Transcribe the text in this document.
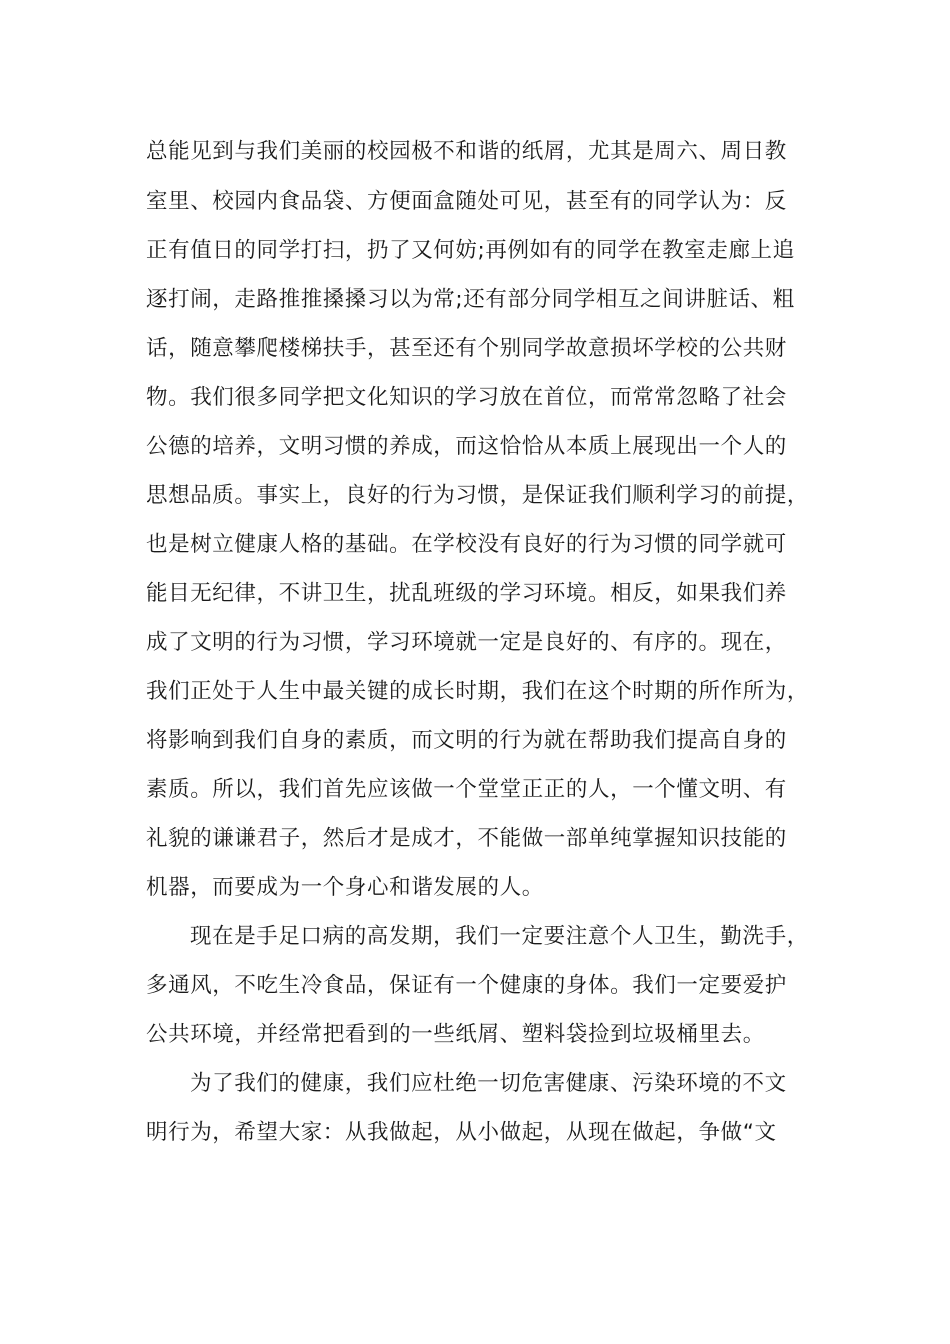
总能见到与我们美丽的校园极不和谐的纸屑，尤其是周六、周日教
室里、校园内食品袋、方便面盒随处可见，甚至有的同学认为：反
正有值日的同学打扫，扔了又何妨;再例如有的同学在教室走廊上追
逐打闹，走路推推搡搡习以为常;还有部分同学相互之间讲脏话、粗
话，随意攀爬楼梯扶手，甚至还有个别同学故意损坏学校的公共财
物。我们很多同学把文化知识的学习放在首位，而常常忽略了社会
公德的培养，文明习惯的养成，而这恰恰从本质上展现出一个人的
思想品质。事实上，良好的行为习惯，是保证我们顺利学习的前提，
也是树立健康人格的基础。在学校没有良好的行为习惯的同学就可
能目无纪律，不讲卫生，扰乱班级的学习环境。相反，如果我们养
成了文明的行为习惯，学习环境就一定是良好的、有序的。现在，
我们正处于人生中最关键的成长时期，我们在这个时期的所作所为，
将影响到我们自身的素质，而文明的行为就在帮助我们提高自身的
素质。所以，我们首先应该做一个堂堂正正的人，一个懂文明、有
礼貌的谦谦君子，然后才是成才，不能做一部单纯掌握知识技能的
机器，而要成为一个身心和谐发展的人。
现在是手足口病的高发期，我们一定要注意个人卫生，勤洗手，
多通风，不吃生冷食品，保证有一个健康的身体。我们一定要爱护
公共环境，并经常把看到的一些纸屑、塑料袋捡到垃圾桶里去。
为了我们的健康，我们应杜绝一切危害健康、污染环境的不文
明行为，希望大家：从我做起，从小做起，从现在做起，争做“文
